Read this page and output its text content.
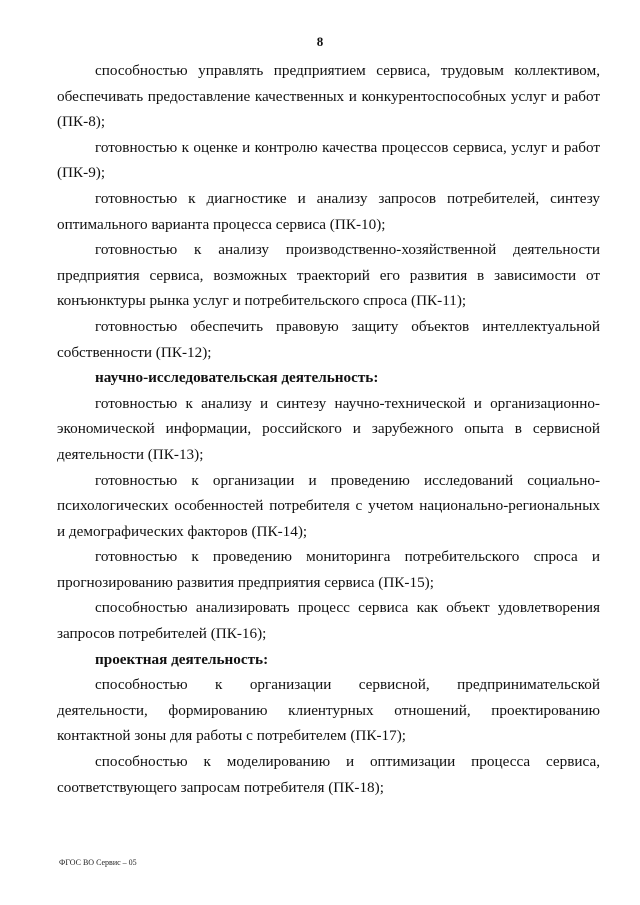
8

способностью управлять предприятием сервиса, трудовым коллективом, обеспечивать предоставление качественных и конкурентоспособных услуг и работ (ПК-8);

готовностью к оценке и контролю качества процессов сервиса, услуг и работ (ПК-9);

готовностью к диагностике и анализу запросов потребителей, синтезу оптимального варианта процесса сервиса (ПК-10);

готовностью к анализу производственно-хозяйственной деятельности предприятия сервиса, возможных траекторий его развития в зависимости от конъюнктуры рынка услуг и потребительского спроса (ПК-11);

готовностью обеспечить правовую защиту объектов интеллектуальной собственности (ПК-12);

научно-исследовательская деятельность:

готовностью к анализу и синтезу научно-технической и организационно-экономической информации, российского и зарубежного опыта в сервисной деятельности (ПК-13);

готовностью к организации и проведению исследований социально-психологических особенностей потребителя с учетом национально-региональных и демографических факторов (ПК-14);

готовностью к проведению мониторинга потребительского спроса и прогнозированию развития предприятия сервиса (ПК-15);

способностью анализировать процесс сервиса как объект удовлетворения запросов потребителей (ПК-16);

проектная деятельность:

способностью к организации сервисной, предпринимательской деятельности, формированию клиентурных отношений, проектированию контактной зоны для работы с потребителем (ПК-17);

способностью к моделированию и оптимизации процесса сервиса, соответствующего запросам потребителя (ПК-18);

ФГОС ВО Сервис – 05
